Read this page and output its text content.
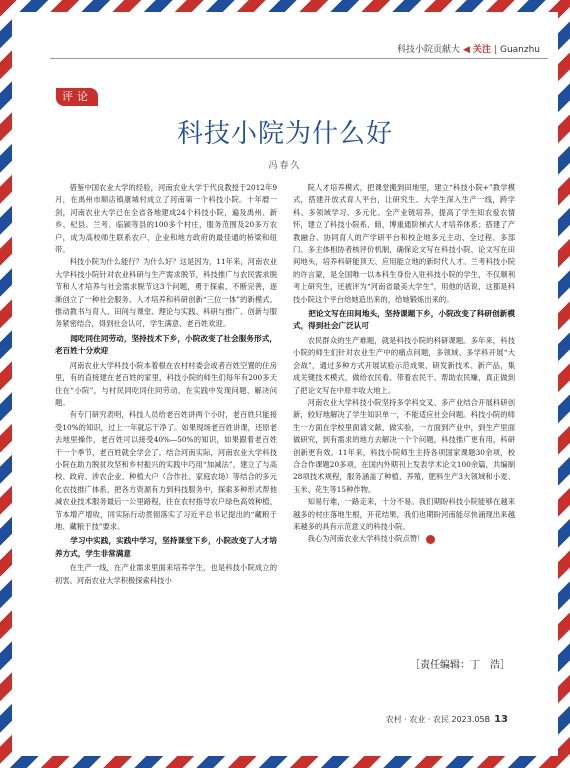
科技小院贡献大 ◀ 关注 | Guanzhu
评论
科技小院为什么好
冯春久

借鉴中国农业大学的经验，河南农业大学于代良教授于2012年9月，在禹州市顺店镇康城村成立了河南第一个科技小院。十年磨一剑，河南农业大学已在全省各地建成24个科技小院，遍及禹州、新乡、杞县、兰考、临颍等县的100多个村庄，服务范围及20多万农户，成为高校师生联系农户、企业和地方政府的最佳通的桥梁和纽带。

科技小院为什么能行？为什么好？这是因为，11年来，河南农业大学科技小院针对农业科研与生产需求脱节，科技推广与农民需求脱节和人才培养与社会需求脱节这3个问题，勇于探索、不断完善，逐渐创立了一种社会服务、人才培养和科研创新“三位一体”的新模式，推动教书与育人、田间与课堂、理论与实践、科研与推广、创新与服务紧密结合，得到社会认可，学生满意、老百姓欢迎。

闻吃同住同劳动，坚持技术下乡，小院改变了社会服务形式，老百姓十分欢迎

河南农业大学科技小院本着根在农村村委会或者百姓空置的住房里，有的直接建在老百姓的家里，科技小院的师生们每年有200多天住在“小院”，与村民同吃同住同劳动，在实践中发现问题、解决问题。

有专门研究表明，科技人员给老百姓讲两个小时，老百姓只能接受10%的知识，过上一年就忘干净了。如果现场老百姓讲课，还原老去地里操作，老百姓可以接受40%—50%的知识，如果跟着老百姓干一个季节，老百姓就全学会了。结合河南实际，河南农业大学科技小院在助力脱贫攻坚和乡村振兴的实践中巧用“加减法”，建立了与高校、政府、涉农企业、种植大户（合作社、家庭农场）等结合的多元化农技推广体系，把各方资源有力到科技服务中，探索多种形式帮他减农业技术服务最后一公里路程，往在农村指导农户绿色高效种植，节本增产增收，同实际行动贯彻落实了习近平总书记提出的“藏粮于地、藏粮于技”要求。

学习中实践，实践中学习，坚持课堂下乡，小院改变了人才培养方式，学生非常满意

在生产一线，在产业需求里面来培养学生，也是科技小院成立的初衷。河南农业大学积极探索科技小

院人才培养模式，把课堂搬到田地里，建立“科技小院+”教学模式，搭建开放式育人平台，让研究生、大学生深入生产一线，跨学科、多领域学习、多元化、全产业链培养，提高了学生知农爱农情怀，建立了科技小院系、暗，博重通阶梯式人才培养体系；搭建了产教融合、协同育人的产学研平台和校企地多元主动、全过程、多部门、多主体相协者核评价机制，确保论文写在科技小院、论文写在田间地头，培养科研能顶天、应用能立地的新时代人才。兰考科技小院的许言蒙，是全国唯一以本科生身份入驻科技小院的学生，不仅顺利考上研究生，还被评为“河南省最美大学生”，用他的话说，这都是科技小院这个平台给她造出来的，给她锻炼出来的。

把论文写在田间地头，坚持课题下乡，小院改变了科研创新模式，得到社会广泛认可

农民群众的生产难题，就是科技小院的科研课题。多年来，科技小院的师生们针对农业生产中的痛点问题，多领域、多学科开展“大会战”，通过多种方式开展试验示范成果、研发新技术、新产品，集成关键技术模式，做给农民看、带着农民干、帮助农民赚，真正做到了把论文写在中原丰收大地上。

河南农业大学科技小院坚持多学科交叉、多产业结合开展科研创新，较好地解决了学生知识单一，不能适应社会问题。科技小院的师生一方面在学校里面请文献、做实验，一方面到产业中，到生产里面做研究，到有需求的地方去解决一个个问题，科技推广更有用，科研创新更有效。11年来，科技小院师生主持各项国家课题30余项，校合合作课题20多项，在国内外期刊上发表学术论文100余篇，共编制28项技术规程，服务涵盖了种植、养殖，肥料生产3大领域和小麦、玉米、花生等15种作物。

知易行难，一路走来，十分不易。我们期盼科技小院能够在越来越多的村庄落地生根，开花结果，我们也期盼河南能尽快涌现出来越来越多的具有示范意义的科技小院。

我心为河南农业大学科技小院点赞！

［责任编辑：丁　浩］
农村 · 农业 · 农民 2023.05B 13
